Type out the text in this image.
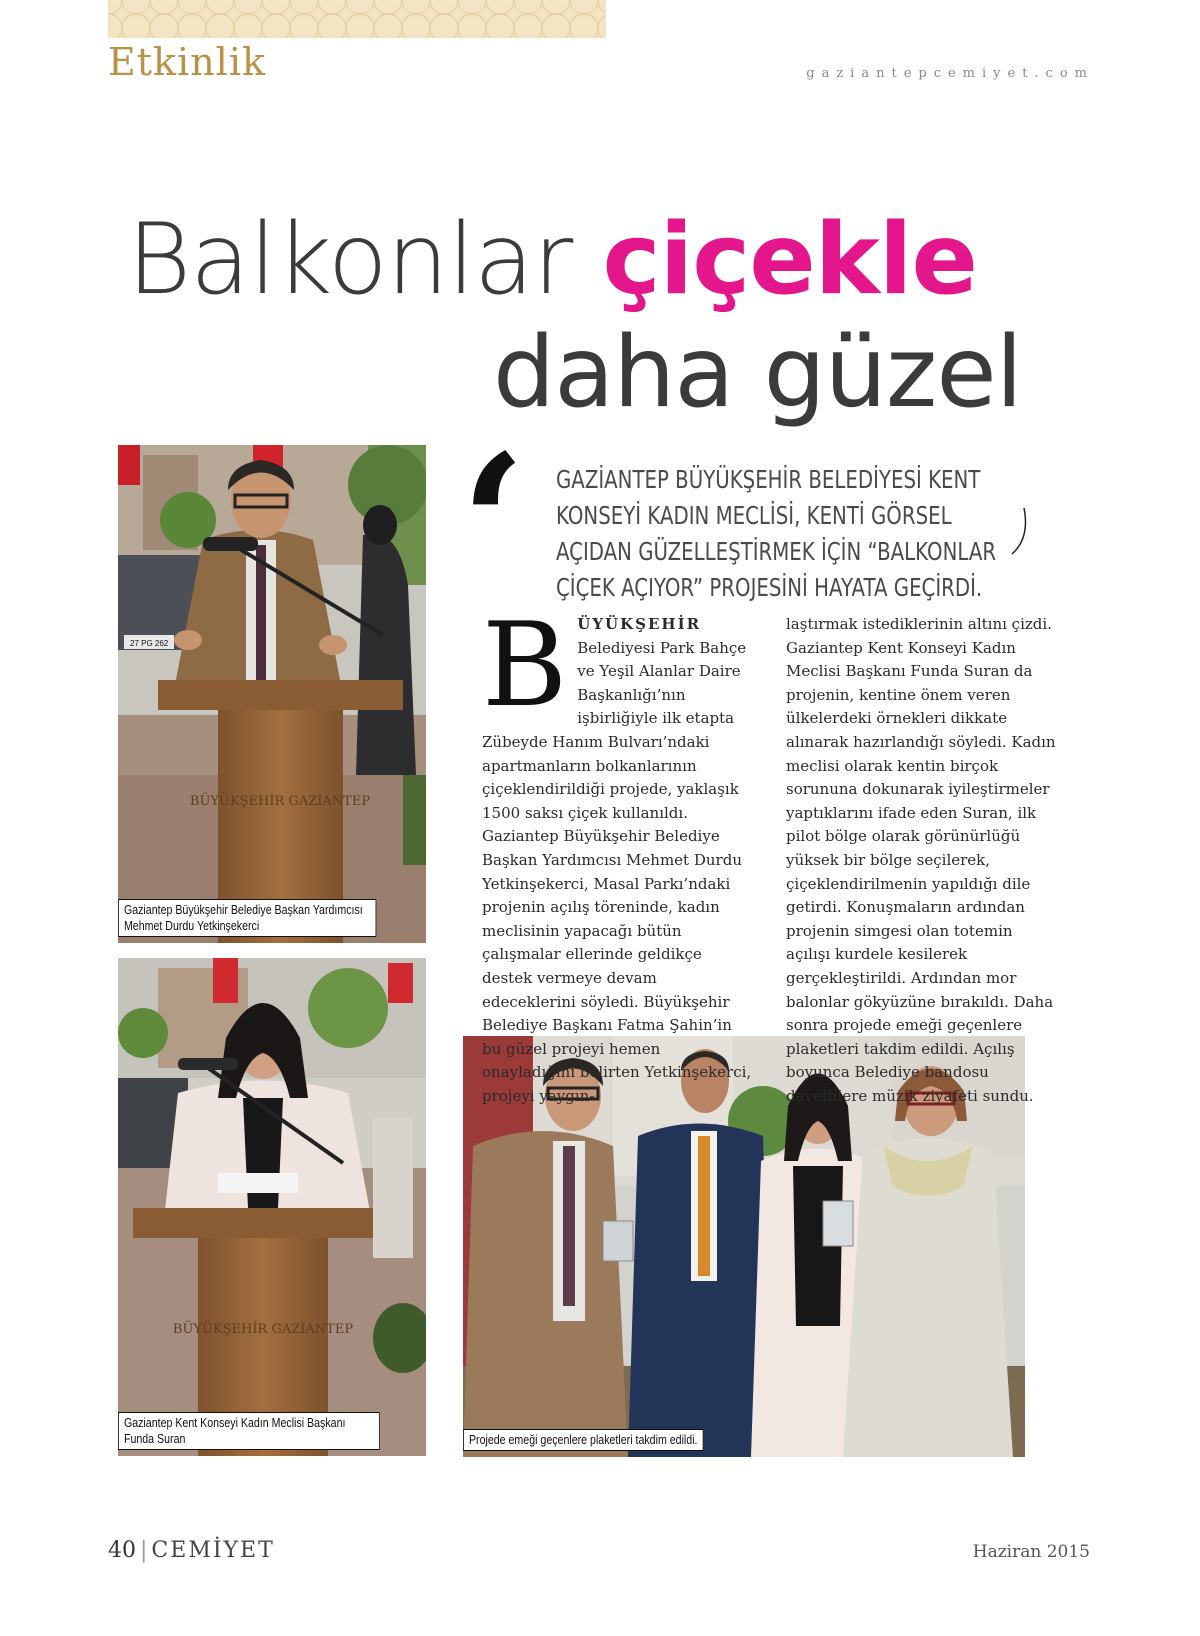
Etkinlik	gaziantepcemiyet.com

Balkonlar çiçekle
daha güzel
27 PG 262
BÜYÜKŞEHİR GAZİANTEP
Gaziantep Büyükşehir Belediye Başkan Yardımcısı Mehmet Durdu Yetkinşekerci
BÜYÜKŞEHİR GAZİANTEP
Gaziantep Kent Konseyi Kadın Meclisi Başkanı Funda Suran	Projede emeği geçenlere plaketleri takdim edildi.
‘ GAZİANTEP BÜYÜKŞEHİR BELEDİYESİ KENT KONSEYİ KADIN MECLİSİ, KENTİ GÖRSEL AÇIDAN GÜZELLEŞTİRMEK İÇİN “BALKONLAR ÇİÇEK AÇIYOR” PROJESİNİ HAYATA GEÇİRDİ.

BÜYÜKŞEHİR Belediyesi Park Bahçe ve Yeşil Alanlar Daire Başkanlığı’nın işbirliğiyle ilk etapta Zübeyde Hanım Bulvarı’ndaki apartmanların bolkanlarının çiçeklendirildiği projede, yaklaşık 1500 saksı çiçek kullanıldı. Gaziantep Büyükşehir Belediye Başkan Yardımcısı Mehmet Durdu Yetkinşekerci, Masal Parkı’ndaki projenin açılış töreninde, kadın meclisinin yapacağı bütün çalışmalar ellerinde geldikçe destek vermeye devam edeceklerini söyledi. Büyükşehir Belediye Başkanı Fatma Şahin’in bu güzel projeyi hemen onayladığını belirten Yetkinşekerci, projeyi yaygın-
laştırmak istediklerinin altını çizdi. Gaziantep Kent Konseyi Kadın Meclisi Başkanı Funda Suran da projenin, kentine önem veren ülkelerdeki örnekleri dikkate alınarak hazırlandığı söyledi. Kadın meclisi olarak kentin birçok sorununa dokunarak iyileştirmeler yaptıklarını ifade eden Suran, ilk pilot bölge olarak görünürlüğü yüksek bir bölge seçilerek, çiçeklendirilmenin yapıldığı dile getirdi. Konuşmaların ardından projenin simgesi olan totemin açılışı kurdele kesilerek gerçekleştirildi. Ardından mor balonlar gökyüzüne bırakıldı. Daha sonra projede emeği geçenlere plaketleri takdim edildi. Açılış boyunca Belediye bandosu davetlilere müzik ziyafeti sundu.

40 | CEMİYET	Haziran 2015
